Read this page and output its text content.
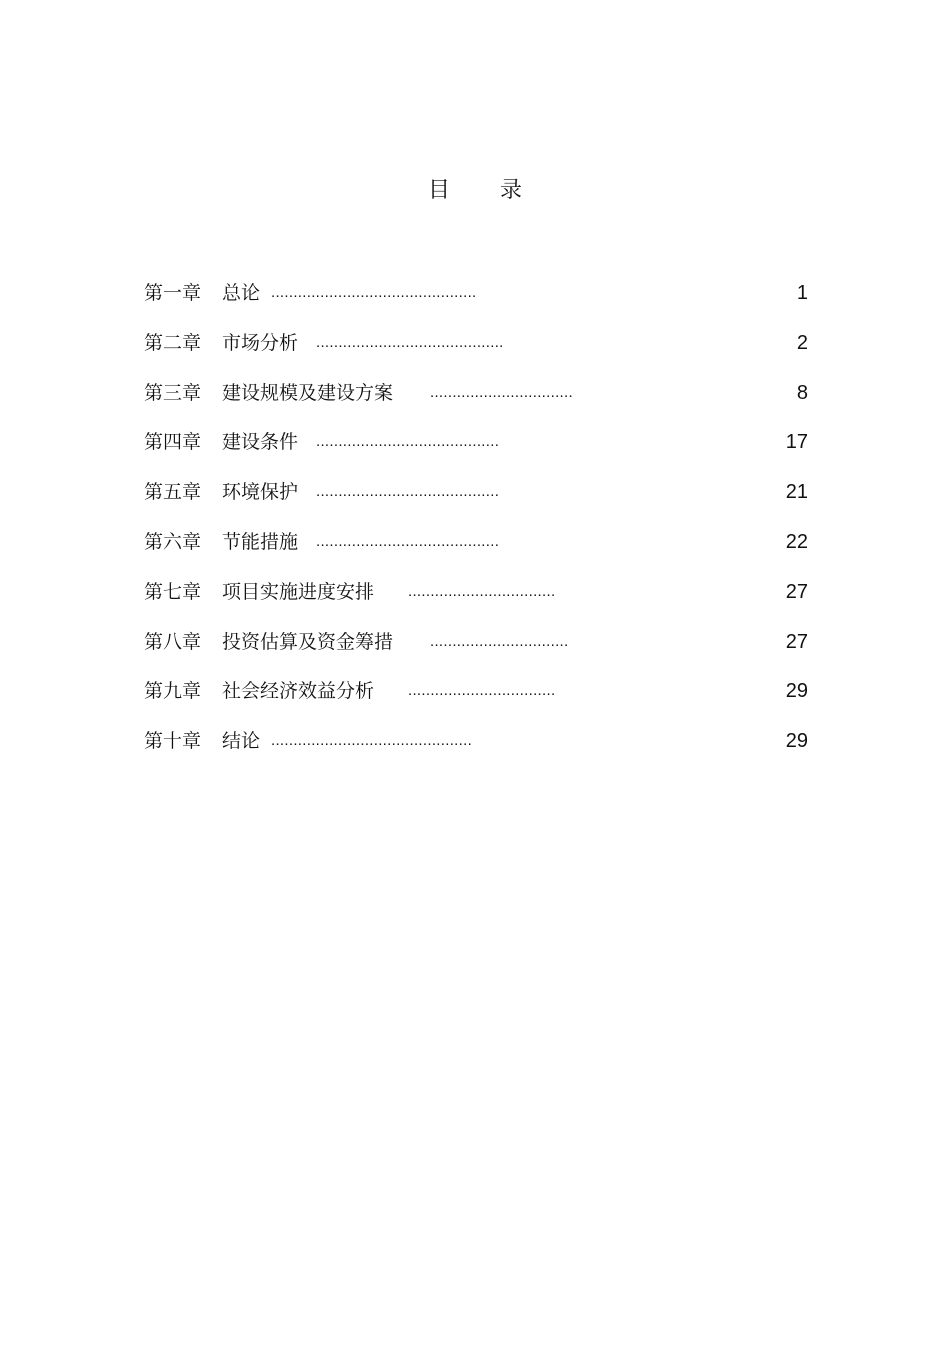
目录
第一章 总论 ..............................................	1
第二章 市场分析 ..........................................	2
第三章 建设规模及建设方案 ................................	8
第四章 建设条件 .........................................	17
第五章 环境保护 .........................................	21
第六章 节能措施 .........................................	22
第七章 项目实施进度安排 .................................	27
第八章 投资估算及资金筹措 ...............................	27
第九章 社会经济效益分析 .................................	29
第十章 结论 .............................................	29
